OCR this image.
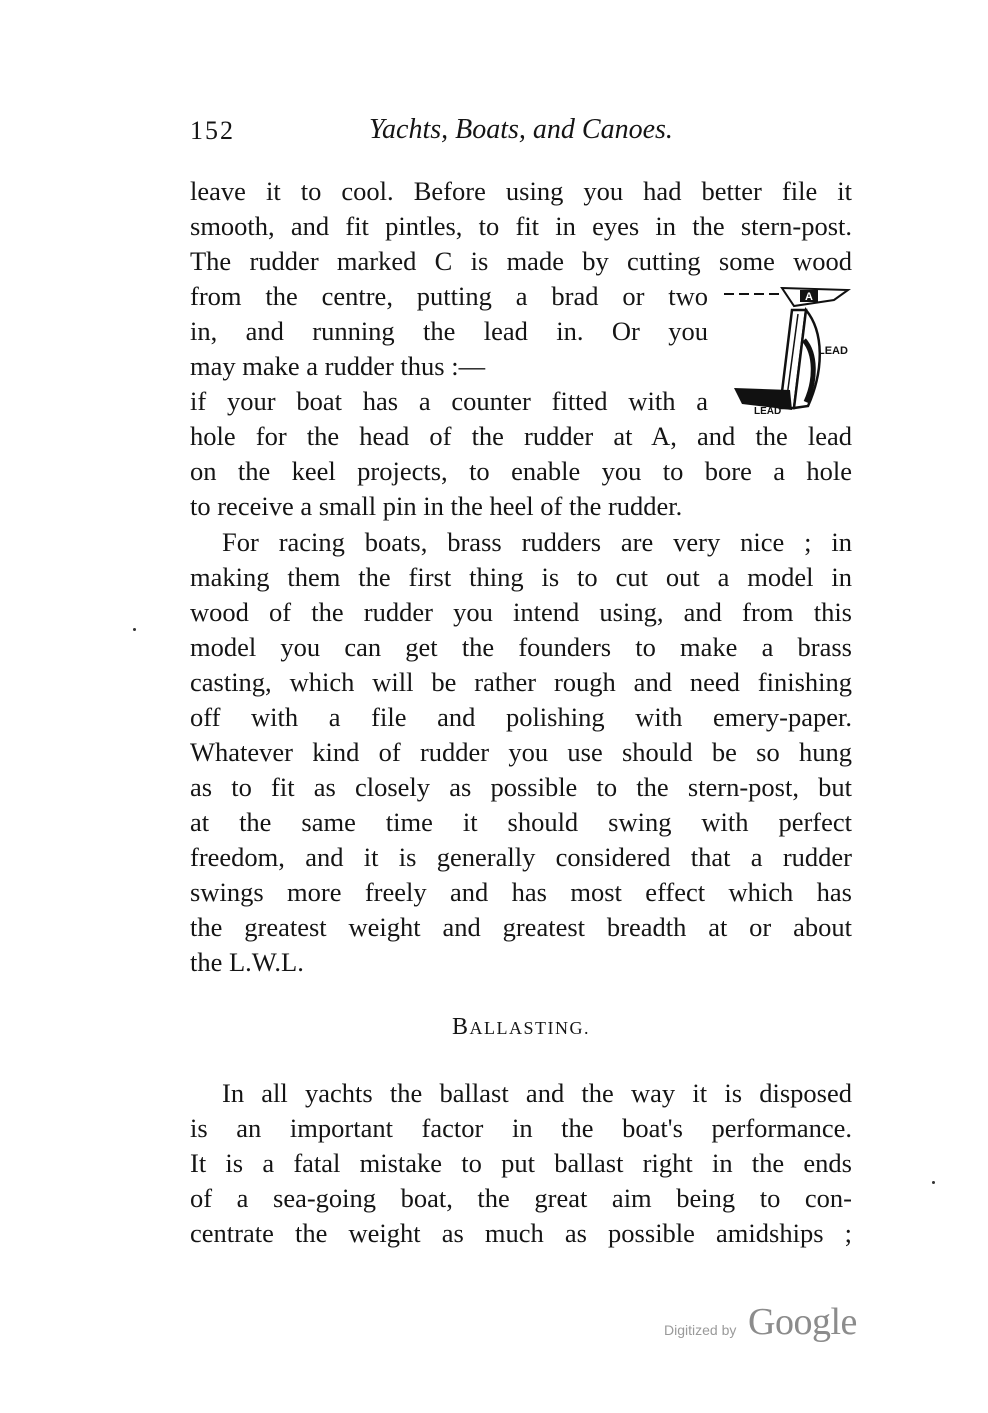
152	Yachts, Boats, and Canoes.
leave it to cool. Before using you had better file it
smooth, and fit pintles, to fit in eyes in the stern-post.
The rudder marked C is made by cutting some wood
from the centre, putting a brad or two
in, and running the lead in. Or you
may make a rudder thus :—
if your boat has a counter fitted with a
hole for the head of the rudder at A, and the lead
on the keel projects, to enable you to bore a hole
to receive a small pin in the heel of the rudder.
A
LEAD
LEAD
For racing boats, brass rudders are very nice ; in
making them the first thing is to cut out a model in
wood of the rudder you intend using, and from this
model you can get the founders to make a brass
casting, which will be rather rough and need finishing
off with a file and polishing with emery-paper.
Whatever kind of rudder you use should be so hung
as to fit as closely as possible to the stern-post, but
at the same time it should swing with perfect
freedom, and it is generally considered that a rudder
swings more freely and has most effect which has
the greatest weight and greatest breadth at or about
the L.W.L.
BALLASTING.
In all yachts the ballast and the way it is disposed
is an important factor in the boat's performance.
It is a fatal mistake to put ballast right in the ends
of a sea-going boat, the great aim being to con-
centrate the weight as much as possible amidships ;
Digitized by Google
